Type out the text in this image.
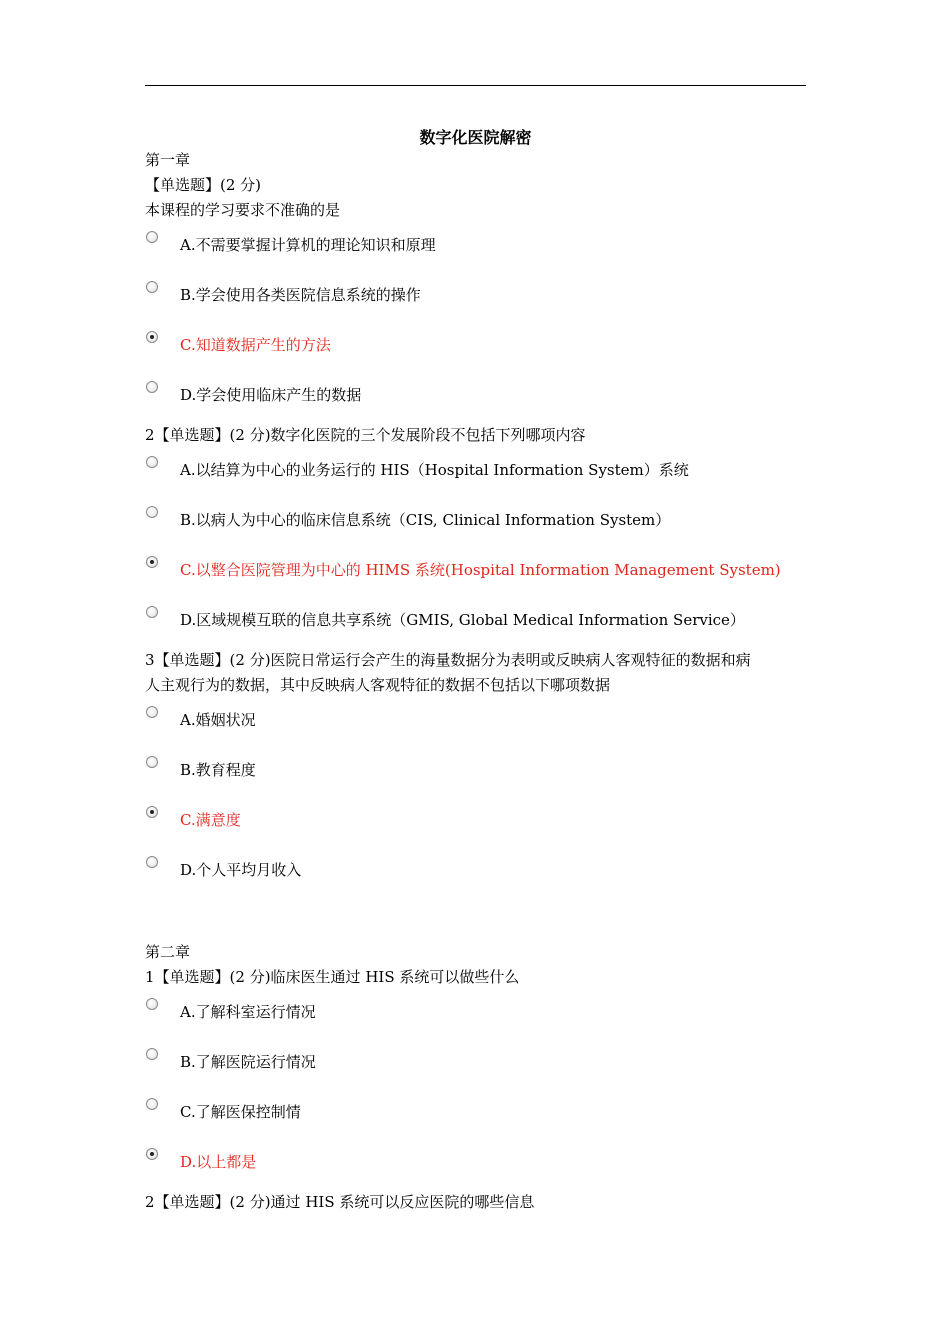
数字化医院解密
第一章
【单选题】(2 分)
本课程的学习要求不准确的是
A.不需要掌握计算机的理论知识和原理
B.学会使用各类医院信息系统的操作
C.知道数据产生的方法
D.学会使用临床产生的数据
2【单选题】(2 分)数字化医院的三个发展阶段不包括下列哪项内容
A.以结算为中心的业务运行的 HIS（Hospital Information System）系统
B.以病人为中心的临床信息系统（CIS, Clinical Information System）
C.以整合医院管理为中心的 HIMS 系统(Hospital Information Management System)
D.区域规模互联的信息共享系统（GMIS, Global Medical Information Service）
3【单选题】(2 分)医院日常运行会产生的海量数据分为表明或反映病人客观特征的数据和病
人主观行为的数据，其中反映病人客观特征的数据不包括以下哪项数据
A.婚姻状况
B.教育程度
C.满意度
D.个人平均月收入
第二章
1【单选题】(2 分)临床医生通过 HIS 系统可以做些什么
A.了解科室运行情况
B.了解医院运行情况
C.了解医保控制情
D.以上都是
2【单选题】(2 分)通过 HIS 系统可以反应医院的哪些信息
